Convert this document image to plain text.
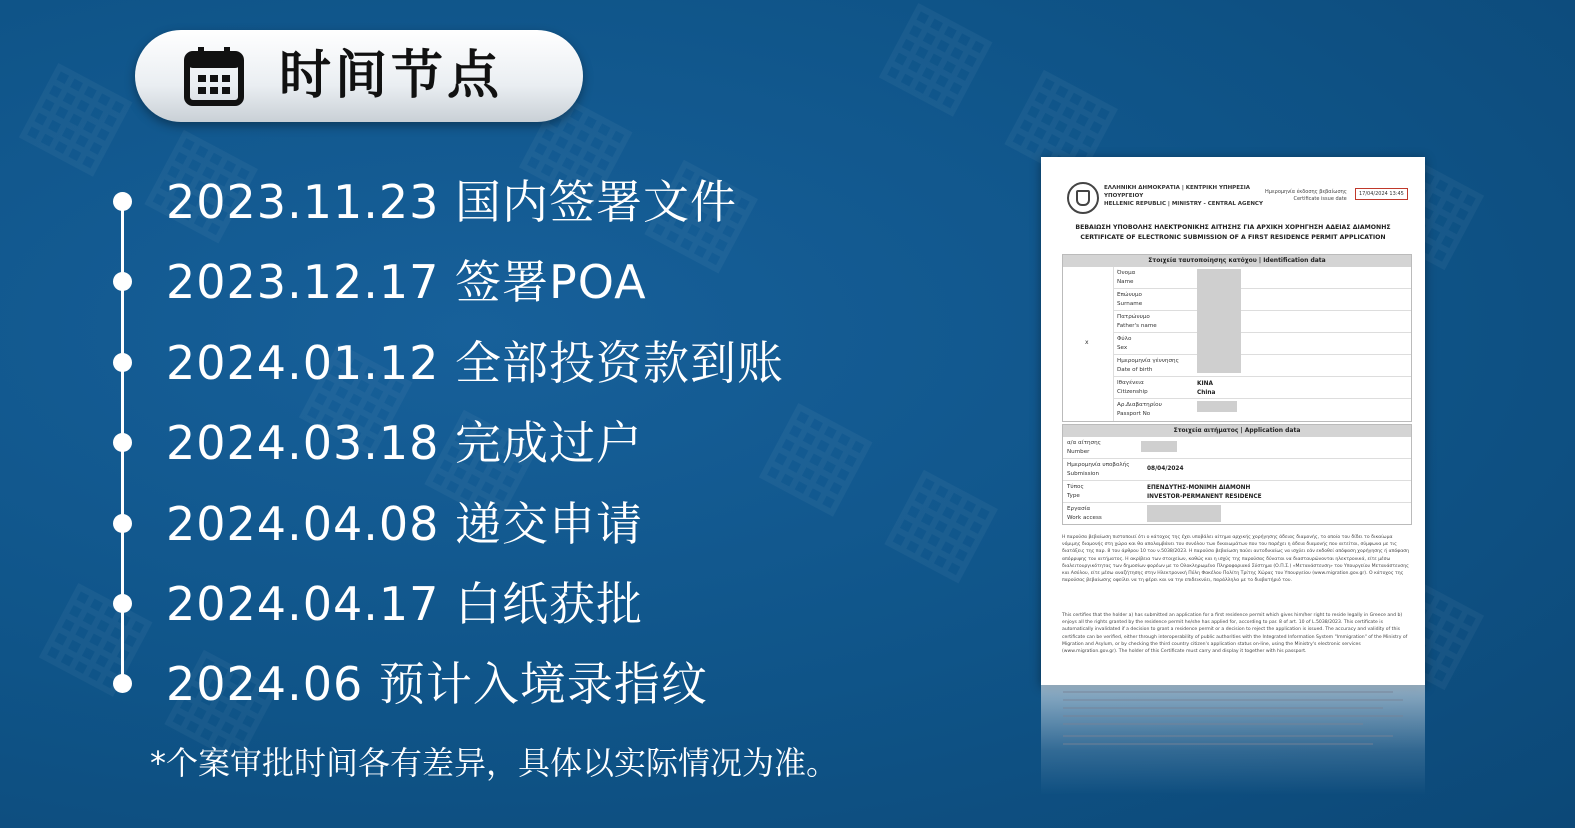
时间节点
2023.11.23 国内签署文件
2023.12.17 签署POA
2024.01.12 全部投资款到账
2024.03.18 完成过户
2024.04.08 递交申请
2024.04.17 白纸获批
2024.06 预计入境录指纹
*个案审批时间各有差异，具体以实际情况为准。
ΕΛΛΗΝΙΚΗ ΔΗΜΟΚΡΑΤΙΑ | ΚΕΝΤΡΙΚΗ ΥΠΗΡΕΣΙΑ
ΥΠΟΥΡΓΕΙΟΥ
HELLENIC REPUBLIC | MINISTRY - CENTRAL AGENCY
Ημερομηνία έκδοσης βεβαίωσης
Certificate issue date
17/04/2024 13:45
ΒΕΒΑΙΩΣΗ ΥΠΟΒΟΛΗΣ ΗΛΕΚΤΡΟΝΙΚΗΣ ΑΙΤΗΣΗΣ ΓΙΑ ΑΡΧΙΚΗ ΧΟΡΗΓΗΣΗ ΑΔΕΙΑΣ ΔΙΑΜΟΝΗΣ
CERTIFICATE OF ELECTRONIC SUBMISSION OF A FIRST RESIDENCE PERMIT APPLICATION
Στοιχεία ταυτοποίησης κατόχου | Identification data
x
Όνομα
Name
Επώνυμο
Surname
Πατρώνυμο
Father's name
Φύλο
Sex
Ημερομηνία γέννησης
Date of birth
Ιθαγένεια
Citizenship
KINA
China
Αρ.Διαβατηρίου
Passport No
Στοιχεία αιτήματος | Application data
α/α αίτησης
Number
Ημερομηνία υποβολής
Submission
08/04/2024
Τύπος
Type
ΕΠΕΝΔΥΤΗΣ-ΜΟΝΙΜΗ ΔΙΑΜΟΝΗ
INVESTOR-PERMANENT RESIDENCE
Εργασία
Work access
Η παρούσα βεβαίωση πιστοποιεί ότι ο κάτοχος της έχει υποβάλει αίτημα αρχικής χορήγησης άδειας διαμονής, το οποίο του δίδει το δικαίωμα νόμιμης διαμονής στη χώρα και θα απολαμβάνει του συνόλου των δικαιωμάτων που του παρέχει η άδεια διαμονής που αιτείται, σύμφωνα με τις διατάξεις της παρ. 8 του άρθρου 10 του ν.5038/2023. Η παρούσα βεβαίωση παύει αυτοδικαίως να ισχύει εάν εκδοθεί απόφαση χορήγησης ή απόφαση απόρριψης του αιτήματος. Η ακρίβεια των στοιχείων, καθώς και η ισχύς της παρούσας δύναται να διασταυρώνονται ηλεκτρονικά, είτε μέσω διαλειτουργικότητας των δημοσίων φορέων με το Ολοκληρωμένο Πληροφοριακό Σύστημα (Ο.Π.Σ.) «Μετανάστευση» του Υπουργείου Μετανάστευσης και Ασύλου, είτε μέσω αναζήτησης στην Ηλεκτρονική Πύλη Φακέλου Πολίτη Τρίτης Χώρας του Υπουργείου (www.migration.gov.gr). Ο κάτοχος της παρούσας βεβαίωσης οφείλει να τη φέρει και να την επιδεικνύει, παράλληλα με το διαβατήριό του.
This certifies that the holder a) has submitted an application for a first residence permit which gives him/her right to reside legally in Greece and b) enjoys all the rights granted by the residence permit he/she has applied for, according to par. 8 of art. 10 of L.5038/2023. This certificate is automatically invalidated if a decision to grant a residence permit or a decision to reject the application is issued. The accuracy and validity of this certificate can be verified, either through interoperability of public authorities with the Integrated Information System "Immigration" of the Ministry of Migration and Asylum, or by checking the third country citizen's application status on-line, using the Ministry's electronic services (www.migration.gov.gr). The holder of this Certificate must carry and display it together with his passport.
